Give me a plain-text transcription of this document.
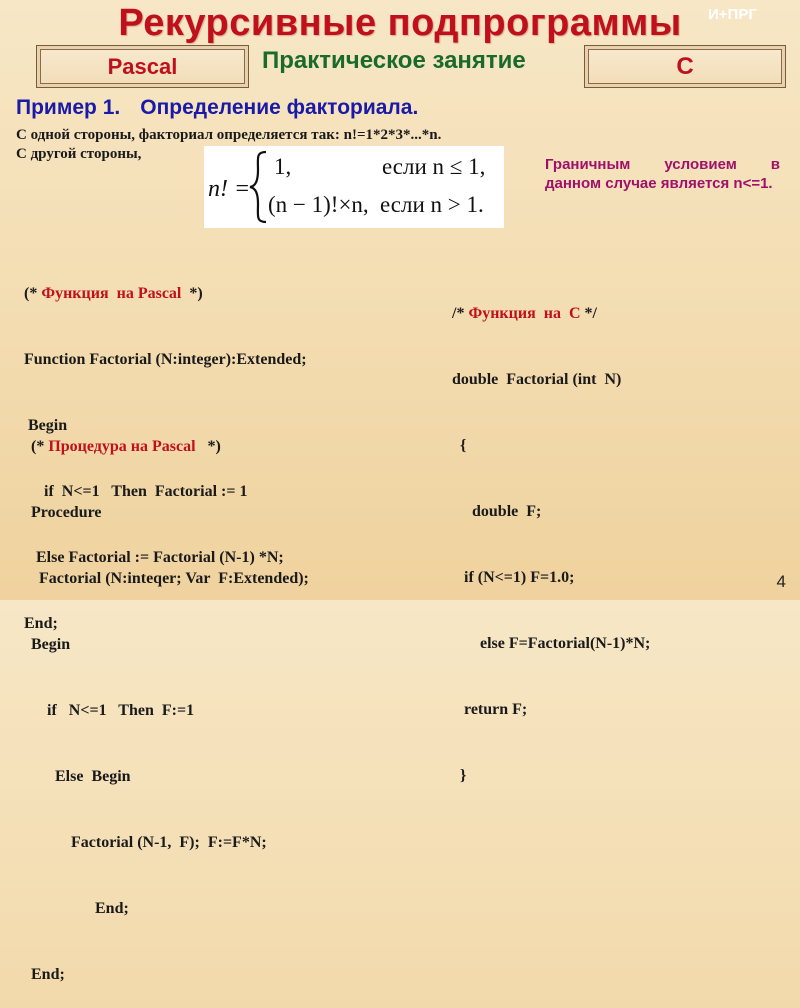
Рекурсивные подпрограммы	И+ПРГ
Pascal	Практическое занятие	C
Пример 1. Определение факториала.
С одной стороны, факториал определяется так: n!=1*2*3*...*n.
С другой стороны,
n! =
1,	если n ≤ 1,
(n − 1)!×n, если n > 1.
Граничным условием в данном случае является n<=1.

(* Функция  на Pascal  *)

Function Factorial (N:integer):Extended;

Begin

if  N<=1   Then  Factorial := 1

Else Factorial := Factorial (N-1) *N;

End;

(* Процедура на Pascal   *)

Procedure

Factorial (N:inteqer; Var  F:Extended);

Begin

if   N<=1   Then  F:=1

Else  Begin

Factorial (N-1,  F);  F:=F*N;

End;

End;

/* Функция  на  С */

double  Factorial (int  N)

{

double  F;

if (N<=1) F=1.0;

else F=Factorial(N-1)*N;

return F;

}

4
